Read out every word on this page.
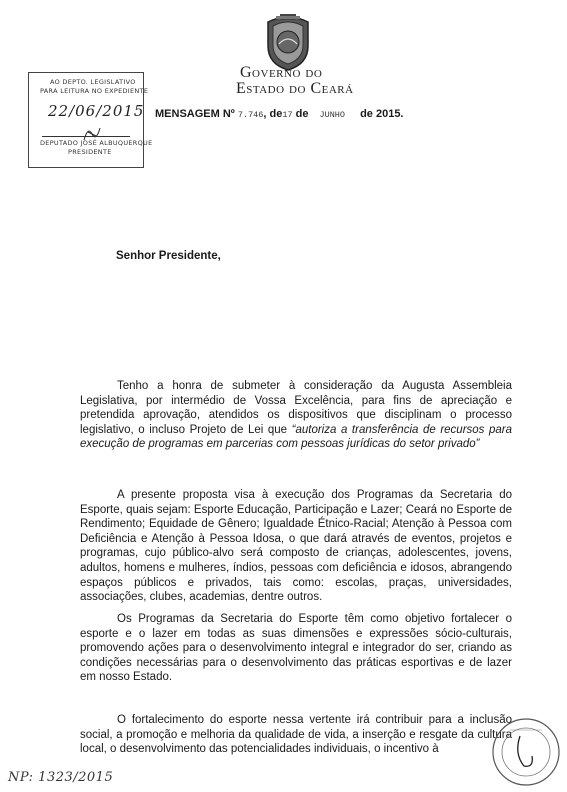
Governo do
Estado do Ceará
AO DEPTO. LEGISLATIVO
PARA LEITURA NO EXPEDIENTE
22/06/2015
DEPUTADO JOSÉ ALBUQUERQUE
PRESIDENTE
MENSAGEM Nº 7.746, de17 de JUNHO de 2015.
Senhor Presidente,
Tenho a honra de submeter à consideração da Augusta Assembleia Legislativa, por intermédio de Vossa Excelência, para fins de apreciação e pretendida aprovação, atendidos os dispositivos que disciplinam o processo legislativo, o incluso Projeto de Lei que “autoriza a transferência de recursos para execução de programas em parcerias com pessoas jurídicas do setor privado”
A presente proposta visa à execução dos Programas da Secretaria do Esporte, quais sejam: Esporte Educação, Participação e Lazer; Ceará no Esporte de Rendimento; Equidade de Gênero; Igualdade Étnico-Racial; Atenção à Pessoa com Deficiência e Atenção à Pessoa Idosa, o que dará através de eventos, projetos e programas, cujo público-alvo será composto de crianças, adolescentes, jovens, adultos, homens e mulheres, índios, pessoas com deficiência e idosos, abrangendo espaços públicos e privados, tais como: escolas, praças, universidades, associações, clubes, academias, dentre outros.
Os Programas da Secretaria do Esporte têm como objetivo fortalecer o esporte e o lazer em todas as suas dimensões e expressões sócio-culturais, promovendo ações para o desenvolvimento integral e integrador do ser, criando as condições necessárias para o desenvolvimento das práticas esportivas e de lazer em nosso Estado.
O fortalecimento do esporte nessa vertente irá contribuir para a inclusão social, a promoção e melhoria da qualidade de vida, a inserção e resgate da cultura local, o desenvolvimento das potencialidades individuais, o incentivo à
NP: 1323/2015
